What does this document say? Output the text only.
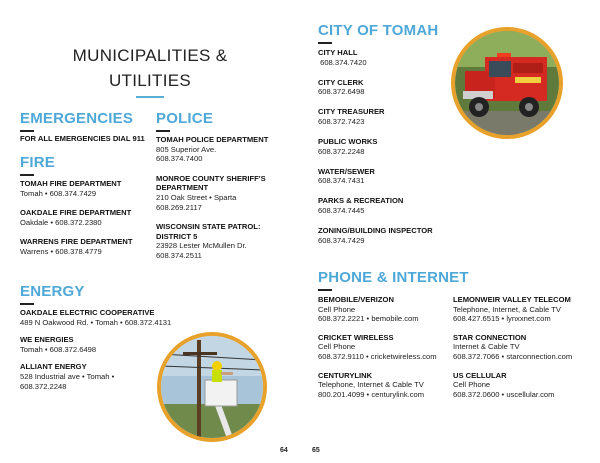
MUNICIPALITIES &
UTILITIES
EMERGENCIES
FOR ALL EMERGENCIES DIAL 911
FIRE
TOMAH FIRE DEPARTMENT
Tomah • 608.374.7429
OAKDALE FIRE DEPARTMENT
Oakdale • 608.372.2380
WARRENS FIRE DEPARTMENT
Warrens • 608.378.4779
POLICE
TOMAH POLICE DEPARTMENT
805 Superior Ave.
608.374.7400
MONROE COUNTY SHERIFF'S
DEPARTMENT
210 Oak Street • Sparta
608.269.2117
WISCONSIN STATE PATROL:
DISTRICT 5
23928 Lester McMullen Dr.
608.374.2511
ENERGY
OAKDALE ELECTRIC COOPERATIVE
489 N Oakwood Rd. • Tomah • 608.372.4131
WE ENERGIES
Tomah • 608.372.6498
ALLIANT ENERGY
528 Industrial ave • Tomah •
608.372.2248
64
CITY OF TOMAH
CITY HALL
608.374.7420
CITY CLERK
608.372.6498
CITY TREASURER
608.372.7423
PUBLIC WORKS
608.372.2248
WATER/SEWER
608.374.7431
PARKS & RECREATION
608.374.7445
ZONING/BUILDING INSPECTOR
608.374.7429
PHONE & INTERNET
BEMOBILE/VERIZON
Cell Phone
608.372.2221 • bemobile.com
CRICKET WIRELESS
Cell Phone
608.372.9110 • cricketwireless.com
CENTURYLINK
Telephone, Internet & Cable TV
800.201.4099 • centurylink.com
LEMONWEIR VALLEY TELECOM
Telephone, Internet, & Cable TV
608.427.6515 • lynxxnet.com
STAR CONNECTION
Internet & Cable TV
608.372.7066 • starconnection.com
US CELLULAR
Cell Phone
608.372.0600 • uscellular.com
65
